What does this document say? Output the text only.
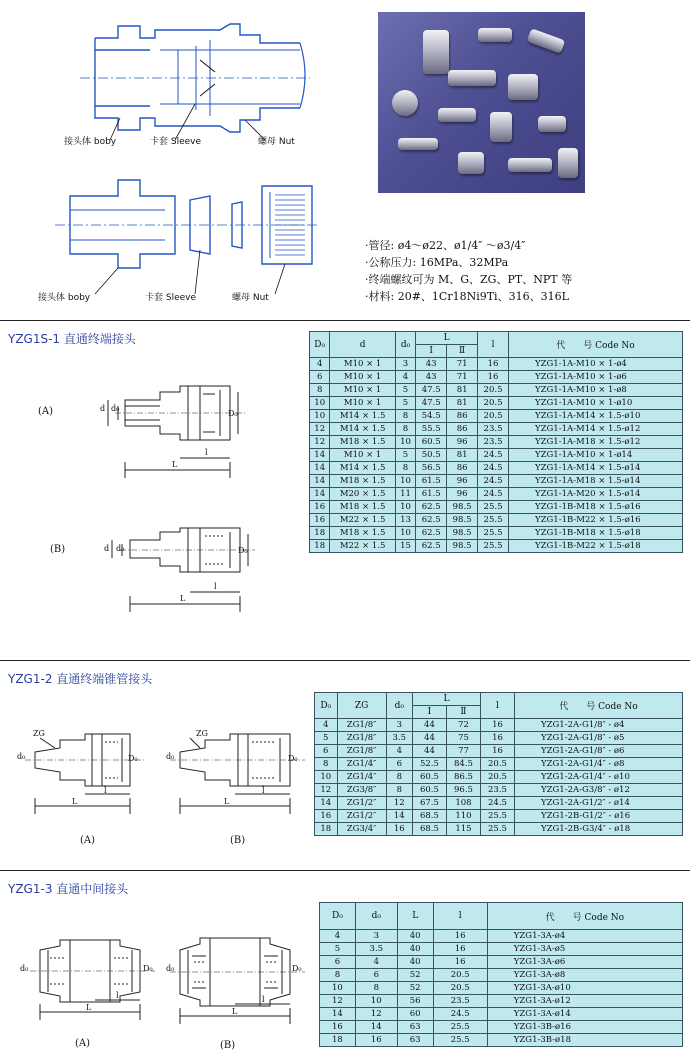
接头体 boby	卡套 Sleeve	螺母 Nut
接头体 boby	卡套 Sleeve	螺母 Nut
·管径: ø4～ø22、ø1/4″ ～ø3/4″
·公称压力: 16MPa、32MPa
·终端螺纹可为 M、G、ZG、PT、NPT 等
·材料: 20#、1Cr18Ni9Ti、316、316L
YZG1S-1 直通终端接头
(A)
(B)
d d₀
D₀
L
l
d d₀	D₀
L
l
D₀	d	d₀	L		l	代　　号 Code No
			I	Ⅱ		
4	M10 × 1	3	43	71	16	YZG1-1A-M10 × 1-ø4
6	M10 × 1	4	43	71	16	YZG1-1A-M10 × 1-ø6
8	M10 × 1	5	47.5	81	20.5	YZG1-1A-M10 × 1-ø8
10	M10 × 1	5	47.5	81	20.5	YZG1-1A-M10 × 1-ø10
10	M14 × 1.5	8	54.5	86	20.5	YZG1-1A-M14 × 1.5-ø10
12	M14 × 1.5	8	55.5	86	23.5	YZG1-1A-M14 × 1.5-ø12
12	M18 × 1.5	10	60.5	96	23.5	YZG1-1A-M18 × 1.5-ø12
14	M10 × 1	5	50.5	81	24.5	YZG1-1A-M10 × 1-ø14
14	M14 × 1.5	8	56.5	86	24.5	YZG1-1A-M14 × 1.5-ø14
14	M18 × 1.5	10	61.5	96	24.5	YZG1-1A-M18 × 1.5-ø14
14	M20 × 1.5	11	61.5	96	24.5	YZG1-1A-M20 × 1.5-ø14
16	M18 × 1.5	10	62.5	98.5	25.5	YZG1-1B-M18 × 1.5-ø16
16	M22 × 1.5	13	62.5	98.5	25.5	YZG1-1B-M22 × 1.5-ø16
18	M18 × 1.5	10	62.5	98.5	25.5	YZG1-1B-M18 × 1.5-ø18
18	M22 × 1.5	15	62.5	98.5	25.5	YZG1-1B-M22 × 1.5-ø18
YZG1-2 直通终端锥管接头
(A)	(B)
ZG
d₀	D₀
L
l
ZG
d₀	D₀
L
l
D₀	ZG	d₀	L		l	代　　号 Code No
			I	Ⅱ		
4	ZG1/8″	3	44	72	16	YZG1-2A-G1/8″ - ø4
5	ZG1/8″	3.5	44	75	16	YZG1-2A-G1/8″ - ø5
6	ZG1/8″	4	44	77	16	YZG1-2A-G1/8″ - ø6
8	ZG1/4″	6	52.5	84.5	20.5	YZG1-2A-G1/4″ - ø8
10	ZG1/4″	8	60.5	86.5	20.5	YZG1-2A-G1/4″ - ø10
12	ZG3/8″	8	60.5	96.5	23.5	YZG1-2A-G3/8″ - ø12
14	ZG1/2″	12	67.5	108	24.5	YZG1-2A-G1/2″ - ø14
16	ZG1/2″	14	68.5	110	25.5	YZG1-2B-G1/2″ - ø16
18	ZG3/4″	16	68.5	115	25.5	YZG1-2B-G3/4″ - ø18
YZG1-3 直通中间接头
(A)	(B)
d₀	D₀
L
l
d₀	D₀
L
l
D₀	d₀	L	l	代　　号 Code No
4	3	40	16	YZG1-3A-ø4
5	3.5	40	16	YZG1-3A-ø5
6	4	40	16	YZG1-3A-ø6
8	6	52	20.5	YZG1-3A-ø8
10	8	52	20.5	YZG1-3A-ø10
12	10	56	23.5	YZG1-3A-ø12
14	12	60	24.5	YZG1-3A-ø14
16	14	63	25.5	YZG1-3B-ø16
18	16	63	25.5	YZG1-3B-ø18
